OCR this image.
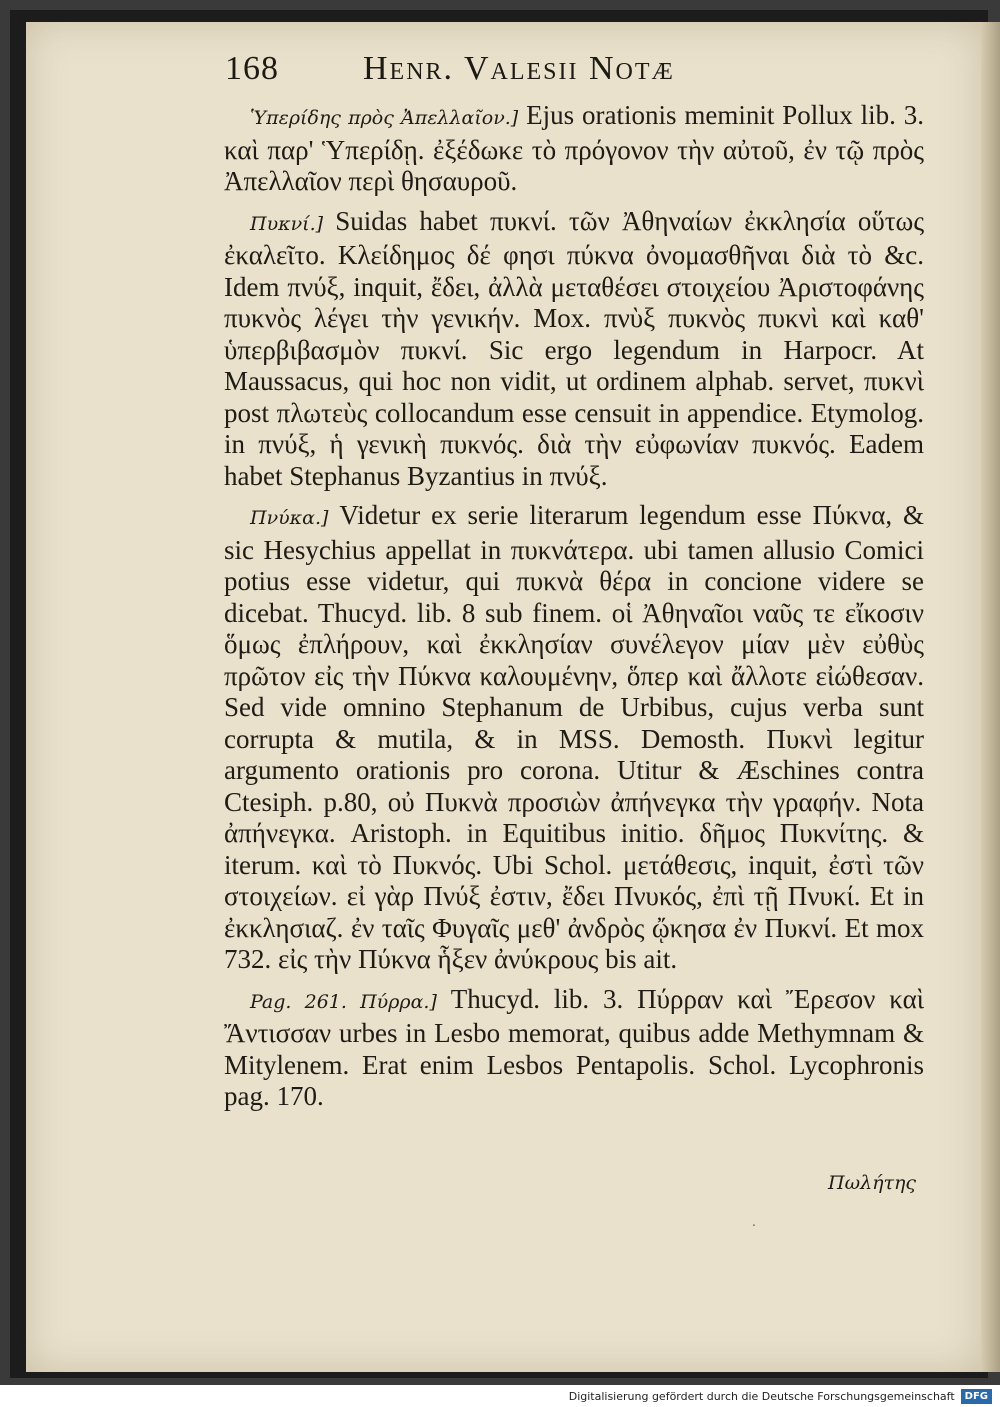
168 Henr. Valesii Notæ

Ὑπερίδης πρὸς Ἀπελλαῖον.] Ejus orationis meminit Pollux lib. 3. καὶ παρ' Ὑπερίδῃ. ἐξέδωκε τὸ πρόγονον τὴν αὐτοῦ, ἐν τῷ πρὸς Ἀπελλαῖον περὶ θησαυροῦ.

Πυκνί.] Suidas habet πυκνί. τῶν Ἀθηναίων ἐκκλησία οὕτως ἐκαλεῖτο. Κλείδημος δέ φησι πύκνα ὀνομασθῆναι διὰ τὸ &c. Idem πνύξ, inquit, ἔδει, ἀλλὰ μεταθέσει στοιχείου Ἀριστοφάνης πυκνὸς λέγει τὴν γενικήν. Mox. πνὺξ πυκνὸς πυκνὶ καὶ καθ' ὑπερβιβασμὸν πυκνί. Sic ergo legendum in Harpocr. At Maussacus, qui hoc non vidit, ut ordinem alphab. servet, πυκνὶ post πλωτεὺς collocandum esse censuit in appendice. Etymolog. in πνύξ, ἡ γενικὴ πυκνός. διὰ τὴν εὐφωνίαν πυκνός. Eadem habet Stephanus Byzantius in πνύξ.

Πνύκα.] Videtur ex serie literarum legendum esse Πύκνα, & sic Hesychius appellat in πυκνάτερα. ubi tamen allusio Comici potius esse videtur, qui πυκνὰ θέρα in concione videre se dicebat. Thucyd. lib. 8 sub finem. οἱ Ἀθηναῖοι ναῦς τε εἴκοσιν ὅμως ἐπλήρουν, καὶ ἐκκλησίαν συνέλεγον μίαν μὲν εὐθὺς πρῶτον εἰς τὴν Πύκνα καλουμένην, ὅπερ καὶ ἄλλοτε εἰώθεσαν. Sed vide omnino Stephanum de Urbibus, cujus verba sunt corrupta & mutila, & in MSS. Demosth. Πυκνὶ legitur argumento orationis pro corona. Utitur & Æschines contra Ctesiph. p.80, οὐ Πυκνὰ προσιὼν ἀπήνεγκα τὴν γραφήν. Nota ἀπήνεγκα. Aristoph. in Equitibus initio. δῆμος Πυκνίτης. & iterum. καὶ τὸ Πυκνός. Ubi Schol. μετάθεσις, inquit, ἐστὶ τῶν στοιχείων. εἰ γὰρ Πνύξ ἐστιν, ἔδει Πνυκός, ἐπὶ τῇ Πνυκί. Et in ἐκκλησιαζ. ἐν ταῖς Φυγαῖς μεθ' ἀνδρὸς ᾤκησα ἐν Πυκνί. Et mox 732. εἰς τὴν Πύκνα ἧξεν ἀνύκρους bis ait.

Pag. 261. Πύρρα.] Thucyd. lib. 3. Πύρραν καὶ Ἔρεσον καὶ Ἄντισσαν urbes in Lesbo memorat, quibus adde Methymnam & Mitylenem. Erat enim Lesbos Pentapolis. Schol. Lycophronis pag. 170.

Πωλήτης
ˑ
Digitalisierung gefördert durch die Deutsche Forschungsgemeinschaft	DFG
